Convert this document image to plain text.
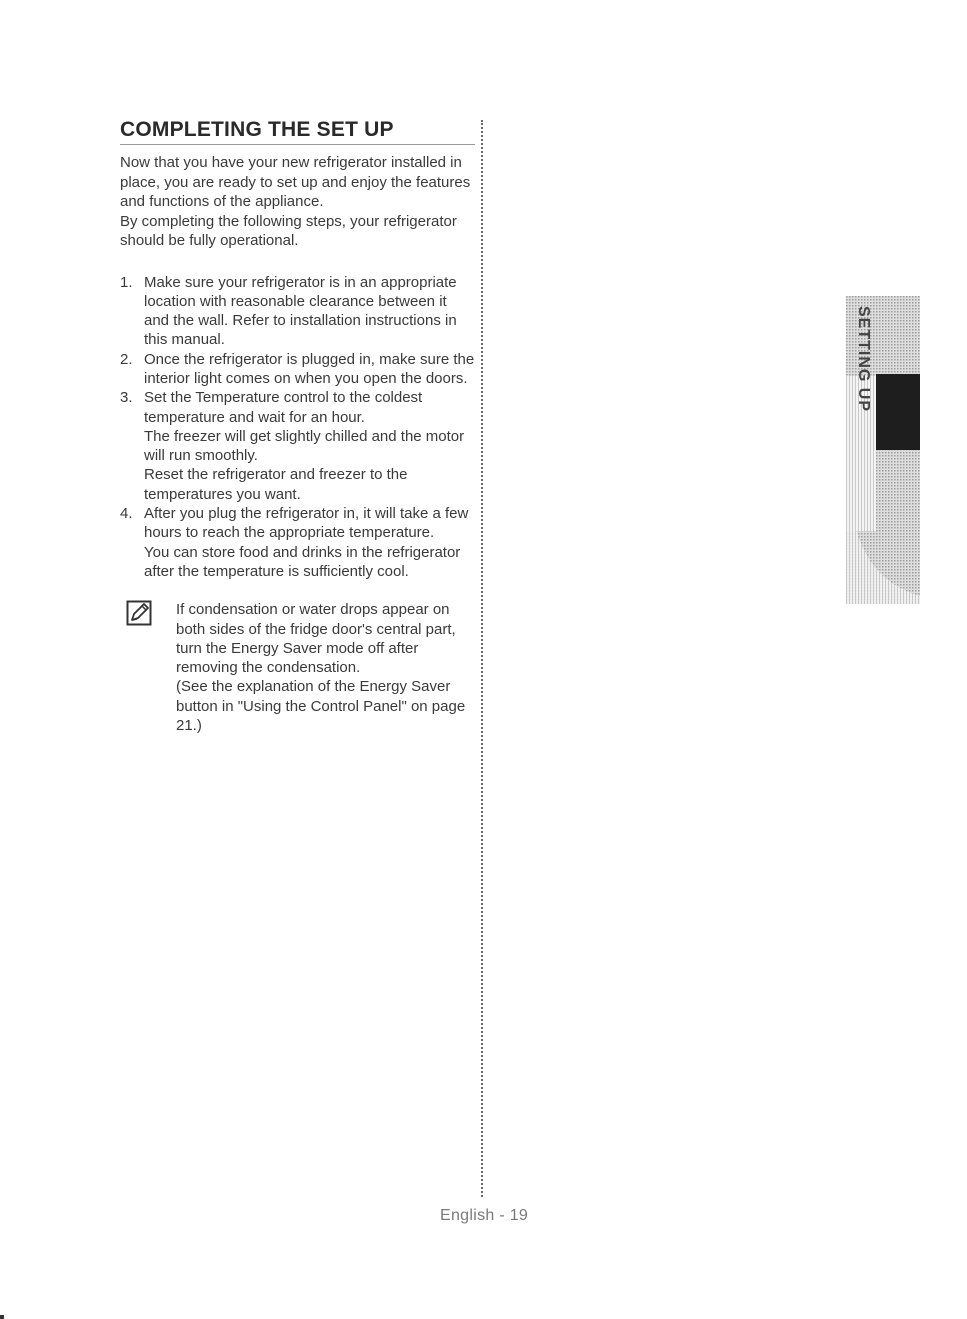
COMPLETING THE SET UP

Now that you have your new refrigerator installed in place, you are ready to set up and enjoy the features and functions of the appliance.

By completing the following steps, your refrigerator should be fully operational.

1. Make sure your refrigerator is in an appropriate location with reasonable clearance between it and the wall. Refer to installation instructions in this manual.

2. Once the refrigerator is plugged in, make sure the interior light comes on when you open the doors.

3. Set the Temperature control to the coldest temperature and wait for an hour.

The freezer will get slightly chilled and the motor will run smoothly.

Reset the refrigerator and freezer to the temperatures you want.

4. After you plug the refrigerator in, it will take a few hours to reach the appropriate temperature.

You can store food and drinks in the refrigerator after the temperature is sufficiently cool.

If condensation or water drops appear on both sides of the fridge door's central part, turn the Energy Saver mode off after removing the condensation.

(See the explanation of the Energy Saver button in "Using the Control Panel" on page 21.)

SETTING UP
English - 19
